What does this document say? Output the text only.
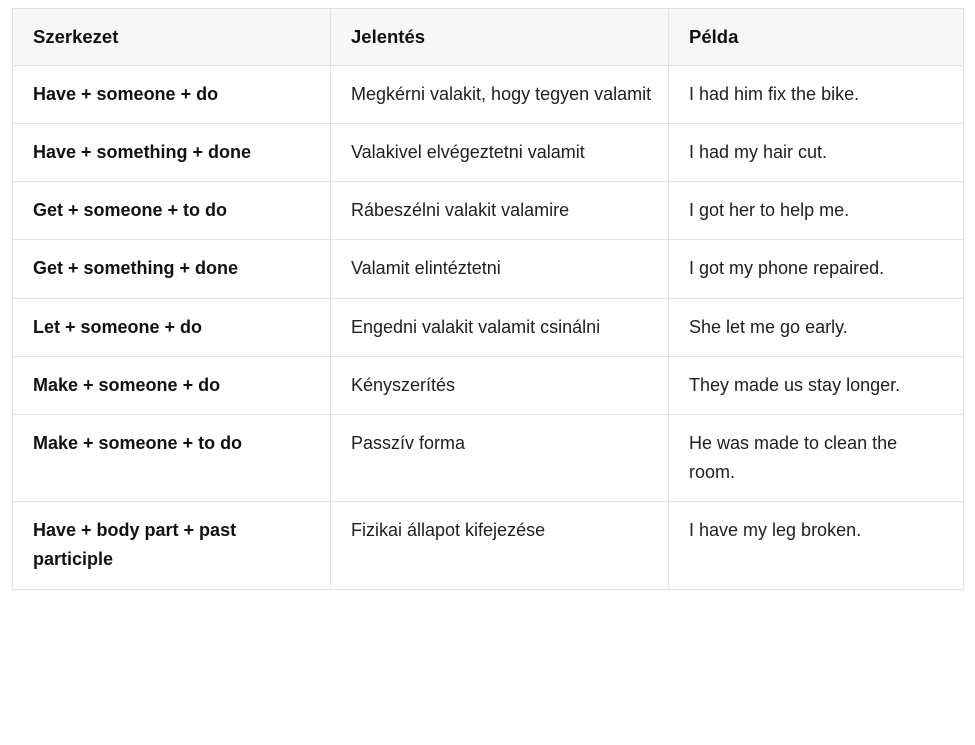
Szerkezet	Jelentés	Példa
Have + someone + do	Megkérni valakit, hogy tegyen valamit	I had him fix the bike.
Have + something + done	Valakivel elvégeztetni valamit	I had my hair cut.
Get + someone + to do	Rábeszélni valakit valamire	I got her to help me.
Get + something + done	Valamit elintéztetni	I got my phone repaired.
Let + someone + do	Engedni valakit valamit csinálni	She let me go early.
Make + someone + do	Kényszerítés	They made us stay longer.
Make + someone + to do	Passzív forma	He was made to clean the room.
Have + body part + past participle	Fizikai állapot kifejezése	I have my leg broken.
